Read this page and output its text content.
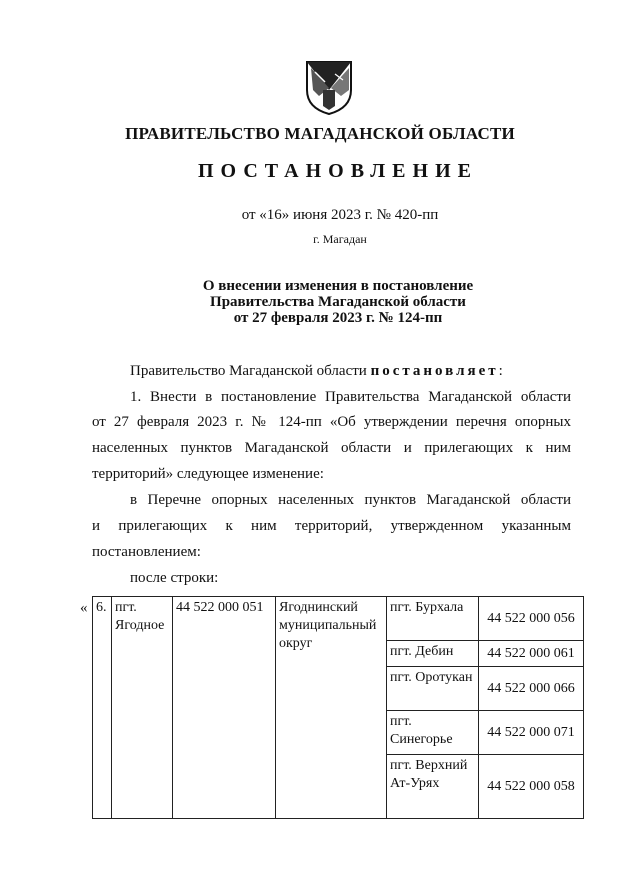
ПРАВИТЕЛЬСТВО МАГАДАНСКОЙ ОБЛАСТИ
ПОСТАНОВЛЕНИЕ
от «16» июня 2023 г. № 420-пп
г. Магадан
О внесении изменения в постановление
Правительства Магаданской области
от 27 февраля 2023 г. № 124-пп
Правительство Магаданской области постановляет:
1. Внести в постановление Правительства Магаданской области
от 27 февраля 2023 г. № 124-пп «Об утверждении перечня опорных
населенных пунктов Магаданской области и прилегающих к ним
территорий» следующее изменение:
в Перечне опорных населенных пунктов Магаданской области
и прилегающих к ним территорий, утвержденном указанным
постановлением:
после строки:
« 6.	пгт. Ягодное	44 522 000 051	Ягоднинский муниципальный округ	пгт. Бурхала	44 522 000 056
				пгт. Дебин	44 522 000 061
				пгт. Оротукан	44 522 000 066
				пгт. Синегорье	44 522 000 071
				пгт. Верхний Ат-Урях	44 522 000 058
